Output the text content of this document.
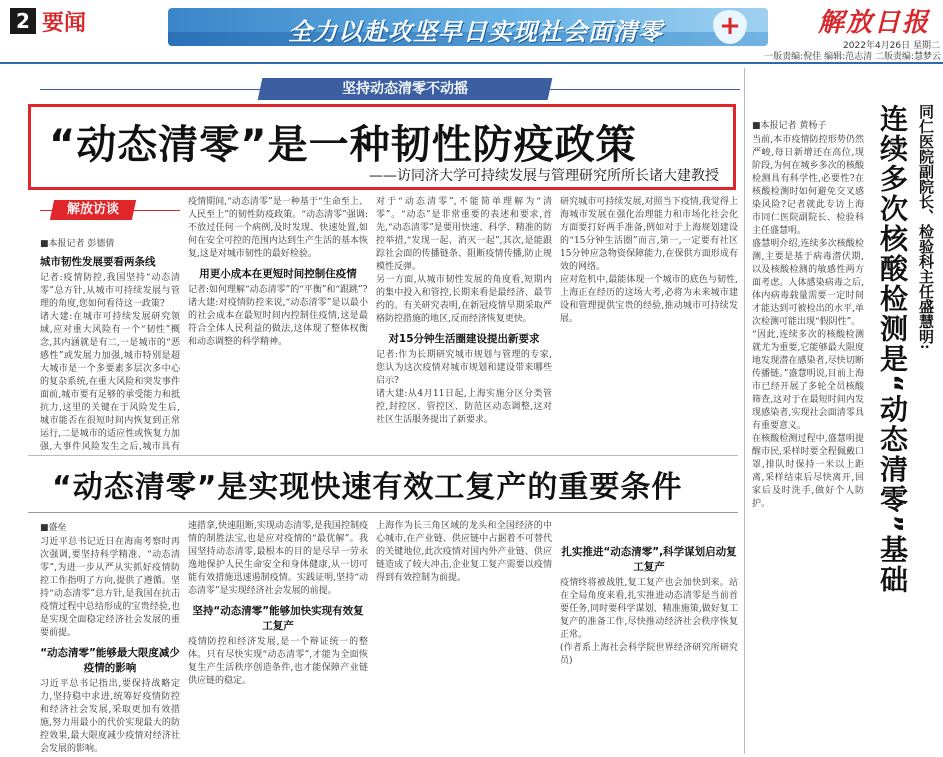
2 要闻	全力以赴攻坚早日实现社会面清零 +	解放日报
2022年4月26日 星期二
一版责编:倪佳 编辑:范志清 二版责编:慧梦云
坚持动态清零不动摇
“动态清零”是一种韧性防疫政策
——访同济大学可持续发展与管理研究所所长诸大建教授
解放访谈
■本报记者 彭德倩
城市韧性发展要看两条线

记者:疫情防控,我国坚持“动态清零”总方针,从城市可持续发展与管理的角度,您如何看待这一政策?

诸大建:在城市可持续发展研究领域,应对重大风险有一个“韧性”概念,其内涵就是有二,一是城市的“恶感性”或发展力加强,城市特别是超大城市是一个多要素多层次多中心的复杂系统,在重大风险和突发事件面前,城市要有足够的承受能力和抵抗力,这里的关键在于风险发生后,城市能否在很短时间内恢复到正常运行,二是城市的适应性或恢复力加强,大事件风险发生之后,城市具有

疫情期间,“动态清零”是一种基于“生命至上、人民至上”的韧性防疫政策。“动态清零”强调:不放过任何一个病例,及时发现、快速处置,如何在安全可控的范围内达到生产生活的基本恢复,这是对城市韧性的最好检验。

用更小成本在更短时间控制住疫情

记者:如何理解“动态清零”的“平衡”和“跟跳”?

诸大建:对疫情防控来说,“动态清零”是以最小的社会成本在最短时间内控制住疫情,这是最符合全体人民利益的做法,这体现了整体权衡和动态调整的科学精神。

对于“动态清零”,不能简单理解为“清零”。“动态”是非常重要的表述和要求,首先,“动态清零”是要用快速、科学、精准的防控举措,“发现一起、消灭一起”,其次,是能跟踪社会面的传播链条、阻断疫情传播,防止规模性反弹。

另一方面,从城市韧性发展的角度看,短期内的集中投入和管控,长期来看是最经济、最节约的。有关研究表明,在新冠疫情早期采取严格防控措施的地区,反而经济恢复更快。

对15分钟生活圈建设提出新要求

记者:作为长期研究城市规划与管理的专家,您认为这次疫情对城市规划和建设带来哪些启示?

诸大建:从4月11日起,上海实施分区分类管控,封控区、管控区、防范区动态调整,这对社区生活服务提出了新要求。

研究城市可持续发展,对照当下疫情,我觉得上海城市发展在强化治理能力和市场化社会化方面要打好两手准备,例如对于上海规划建设的“15分钟生活圈”而言,第一,一定要有社区15分钟应急物资保障能力,在保供方面形成有效的网络。

应对危机中,最能体现一个城市的底色与韧性,上海正在经历的这场大考,必将为未来城市建设和管理提供宝贵的经验,推动城市可持续发展。

“动态清零”是实现快速有效工复产的重要条件
■盛垒

习近平总书记近日在海南考察时再次强调,要坚持科学精准、“动态清零”,为进一步从严从实抓好疫情防控工作指明了方向,提供了遵循。坚持“动态清零”总方针,是我国在抗击疫情过程中总结形成的宝贵经验,也是实现全面稳定经济社会发展的重要前提。

“动态清零”能够最大限度减少疫情的影响

习近平总书记指出,要保持战略定力,坚持稳中求进,统筹好疫情防控和经济社会发展,采取更加有效措施,努力用最小的代价实现最大的防控效果,最大限度减少疫情对经济社会发展的影响。

速措拿,快速阻断,实现动态清零,是我国控制疫情的制胜法宝,也是应对疫情的“最优解”。我国坚持动态清零,最根本的目的是尽早一劳永逸地保护人民生命安全和身体健康,从一切可能有效措施迅速遏制疫情。实践证明,坚持“动态清零”是实现经济社会发展的前提。

坚持“动态清零”能够加快实现有效复工复产

疫情防控和经济发展,是一个辩证统一的整体。只有尽快实现“动态清零”,才能为全面恢复生产生活秩序创造条件,也才能保障产业链供应链的稳定。

上海作为长三角区域的龙头和全国经济的中心城市,在产业链、供应链中占据着不可替代的关键地位,此次疫情对国内外产业链、供应链造成了较大冲击,企业复工复产需要以疫情得到有效控制为前提。

扎实推进“动态清零”,科学谋划启动复工复产

疫情终将被战胜,复工复产也会加快到来。站在全局角度来看,扎实推进动态清零是当前首要任务,同时要科学谋划、精准施策,做好复工复产的准备工作,尽快推动经济社会秩序恢复正常。

(作者系上海社会科学院世界经济研究所研究员)

同仁医院副院长、检验科主任盛慧明:
连续多次核酸检测是“动态清零”基础
■本报记者 黄杨子

当前,本市疫情防控形势仍然严峻,每日新增还在高位,现阶段,为何在城乡多次的核酸检测具有科学性,必要性?在核酸检测时如何避免交叉感染风险?记者就此专访上海市同仁医院副院长、检验科主任盛慧明。

盛慧明介绍,连续多次核酸检测,主要是基于病毒潜伏期,以及核酸检测的敏感性两方面考虑。人体感染病毒之后,体内病毒载量需要一定时间才能达到可被检出的水平,单次检测可能出现“假阴性”。

“因此,连续多次的核酸检测就尤为重要,它能够最大限度地发现潜在感染者,尽快切断传播链。”盛慧明说,目前上海市已经开展了多轮全员核酸筛查,这对于在最短时间内发现感染者,实现社会面清零具有重要意义。

在核酸检测过程中,盛慧明提醒市民,采样时要全程佩戴口罩,排队时保持一米以上距离,采样结束后尽快离开,回家后及时洗手,做好个人防护。
